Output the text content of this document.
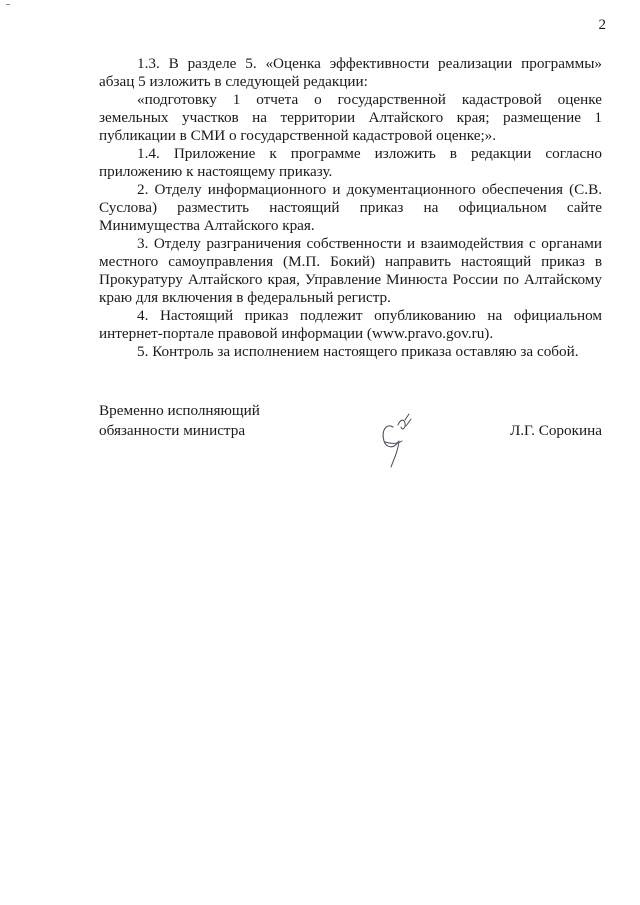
2

1.3. В разделе 5. «Оценка эффективности реализации программы» абзац 5 изложить в следующей редакции:

«подготовку 1 отчета о государственной кадастровой оценке земельных участков на территории Алтайского края; размещение 1 публикации в СМИ о государственной кадастровой оценке;».

1.4. Приложение к программе изложить в редакции согласно приложению к настоящему приказу.

2. Отделу информационного и документационного обеспечения (С.В. Суслова) разместить настоящий приказ на официальном сайте Минимущества Алтайского края.

3. Отделу разграничения собственности и взаимодействия с органами местного самоуправления (М.П. Бокий) направить настоящий приказ в Прокуратуру Алтайского края, Управление Минюста России по Алтайскому краю для включения в федеральный регистр.

4. Настоящий приказ подлежит опубликованию на официальном интернет-портале правовой информации (www.pravo.gov.ru).

5. Контроль за исполнением настоящего приказа оставляю за собой.

Временно исполняющий
обязанности министра	Л.Г. Сорокина
